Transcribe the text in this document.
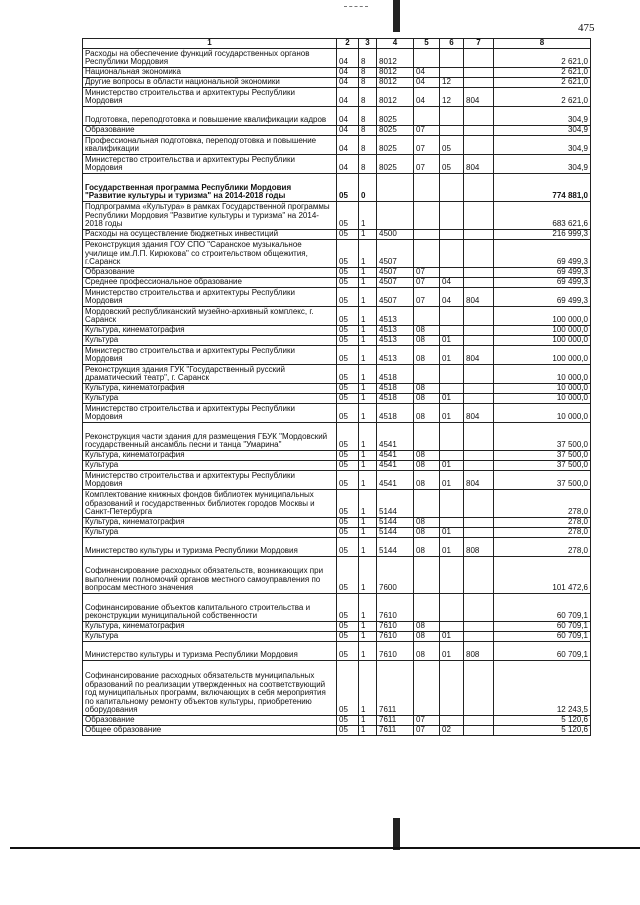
475
1	2	3	4	5	6	7	8
Расходы на обеспечение функций государственных органов Республики Мордовия	04	8	8012				2 621,0
Национальная экономика	04	8	8012	04			2 621,0
Другие вопросы в области национальной экономики	04	8	8012	04	12		2 621,0
Министерство строительства и архитектуры Республики Мордовия	04	8	8012	04	12	804	2 621,0
Подготовка, переподготовка и повышение квалификации кадров	04	8	8025				304,9
Образование	04	8	8025	07			304,9
Профессиональная подготовка, переподготовка и повышение квалификации	04	8	8025	07	05		304,9
Министерство строительства и архитектуры Республики Мордовия	04	8	8025	07	05	804	304,9
Государственная программа Республики Мордовия "Развитие культуры и туризма" на 2014-2018 годы	05	0					774 881,0
Подпрограмма «Культура» в рамках Государственной программы Республики Мордовия "Развитие культуры и туризма" на 2014-2018 годы	05	1					683 621,6
Расходы на осуществление бюджетных инвестиций	05	1	4500				216 999,3
Реконструкция здания ГОУ СПО "Саранское музыкальное училище им.Л.П. Кирюкова" со строительством общежития, г.Саранск	05	1	4507				69 499,3
Образование	05	1	4507	07			69 499,3
Среднее профессиональное образование	05	1	4507	07	04		69 499,3
Министерство строительства и архитектуры Республики Мордовия	05	1	4507	07	04	804	69 499,3
Мордовский республиканский музейно-архивный комплекс, г. Саранск	05	1	4513				100 000,0
Культура, кинематография	05	1	4513	08			100 000,0
Культура	05	1	4513	08	01		100 000,0
Министерство строительства и архитектуры Республики Мордовия	05	1	4513	08	01	804	100 000,0
Реконструкция здания ГУК "Государственный русский драматический театр", г. Саранск	05	1	4518				10 000,0
Культура, кинематография	05	1	4518	08			10 000,0
Культура	05	1	4518	08	01		10 000,0
Министерство строительства и архитектуры Республики Мордовия	05	1	4518	08	01	804	10 000,0
Реконструкция части здания для размещения ГБУК "Мордовский государственный ансамбль песни и танца "Умарина"	05	1	4541				37 500,0
Культура, кинематография	05	1	4541	08			37 500,0
Культура	05	1	4541	08	01		37 500,0
Министерство строительства и архитектуры Республики Мордовия	05	1	4541	08	01	804	37 500,0
Комплектование книжных фондов библиотек муниципальных образований и государственных библиотек городов Москвы и Санкт-Петербурга	05	1	5144				278,0
Культура, кинематография	05	1	5144	08			278,0
Культура	05	1	5144	08	01		278,0
Министерство культуры и туризма Республики Мордовия	05	1	5144	08	01	808	278,0
Софинансирование расходных обязательств, возникающих при выполнении полномочий органов местного самоуправления по вопросам местного значения	05	1	7600				101 472,6
Софинансирование объектов капитального строительства и реконструкции муниципальной собственности	05	1	7610				60 709,1
Культура, кинематография	05	1	7610	08			60 709,1
Культура	05	1	7610	08	01		60 709,1
Министерство культуры и туризма Республики Мордовия	05	1	7610	08	01	808	60 709,1
Софинансирование расходных обязательств муниципальных образований по реализации утвержденных на соответствующий год муниципальных программ, включающих в себя мероприятия по капитальному ремонту объектов культуры, приобретению оборудования	05	1	7611				12 243,5
Образование	05	1	7611	07			5 120,6
Общее образование	05	1	7611	07	02		5 120,6
